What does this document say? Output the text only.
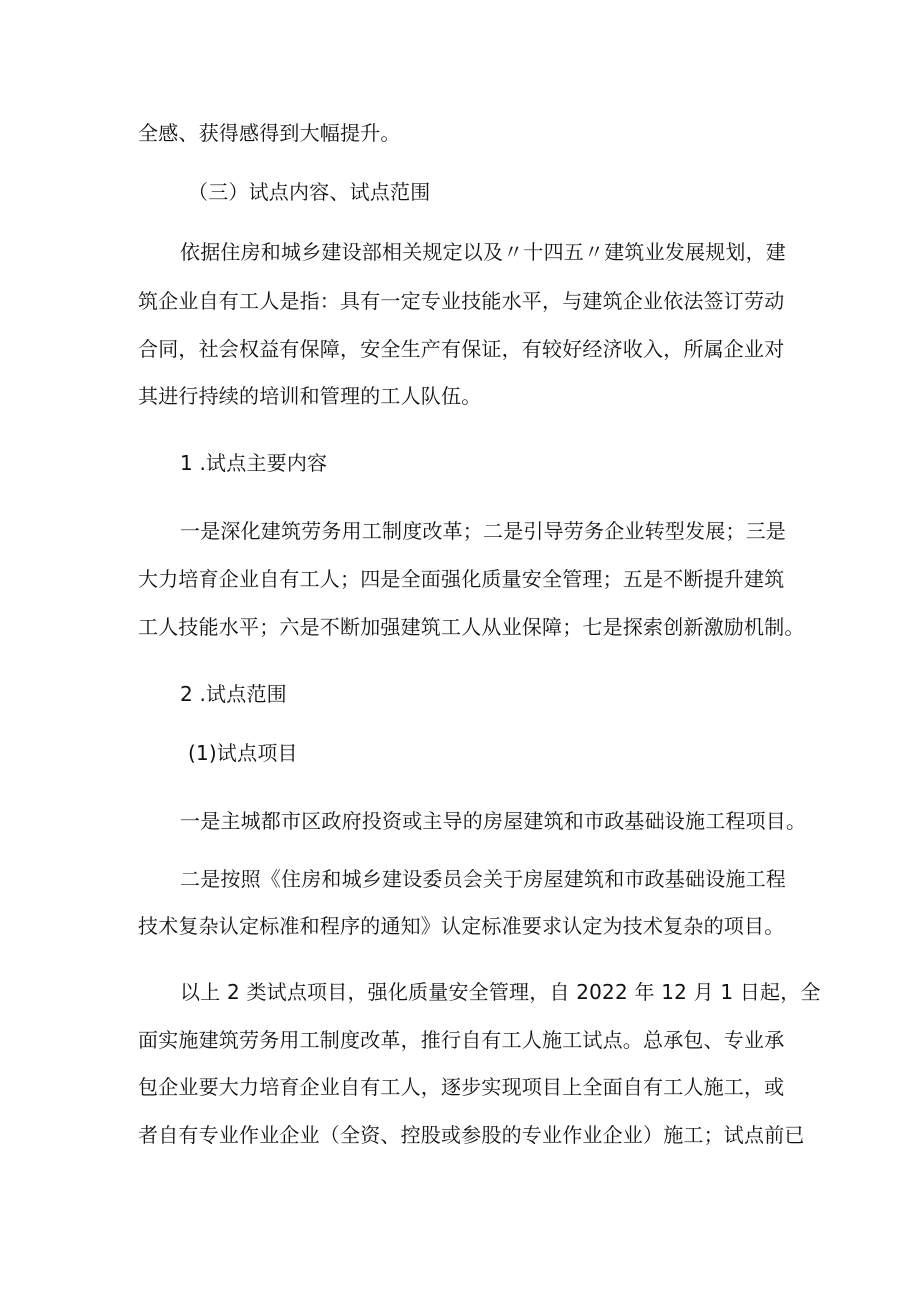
全感、获得感得到大幅提升。
（三）试点内容、试点范围
依据住房和城乡建设部相关规定以及〃十四五〃建筑业发展规划，建
筑企业自有工人是指：具有一定专业技能水平，与建筑企业依法签订劳动
合同，社会权益有保障，安全生产有保证，有较好经济收入，所属企业对
其进行持续的培训和管理的工人队伍。
1 .试点主要内容
一是深化建筑劳务用工制度改革；二是引导劳务企业转型发展；三是
大力培育企业自有工人；四是全面强化质量安全管理；五是不断提升建筑
工人技能水平；六是不断加强建筑工人从业保障；七是探索创新激励机制。
2 .试点范围
(1)试点项目
一是主城都市区政府投资或主导的房屋建筑和市政基础设施工程项目。
二是按照《住房和城乡建设委员会关于房屋建筑和市政基础设施工程
技术复杂认定标准和程序的通知》认定标准要求认定为技术复杂的项目。
以上 2 类试点项目，强化质量安全管理，自 2022 年 12 月 1 日起，全
面实施建筑劳务用工制度改革，推行自有工人施工试点。总承包、专业承
包企业要大力培育企业自有工人，逐步实现项目上全面自有工人施工，或
者自有专业作业企业（全资、控股或参股的专业作业企业）施工；试点前已
